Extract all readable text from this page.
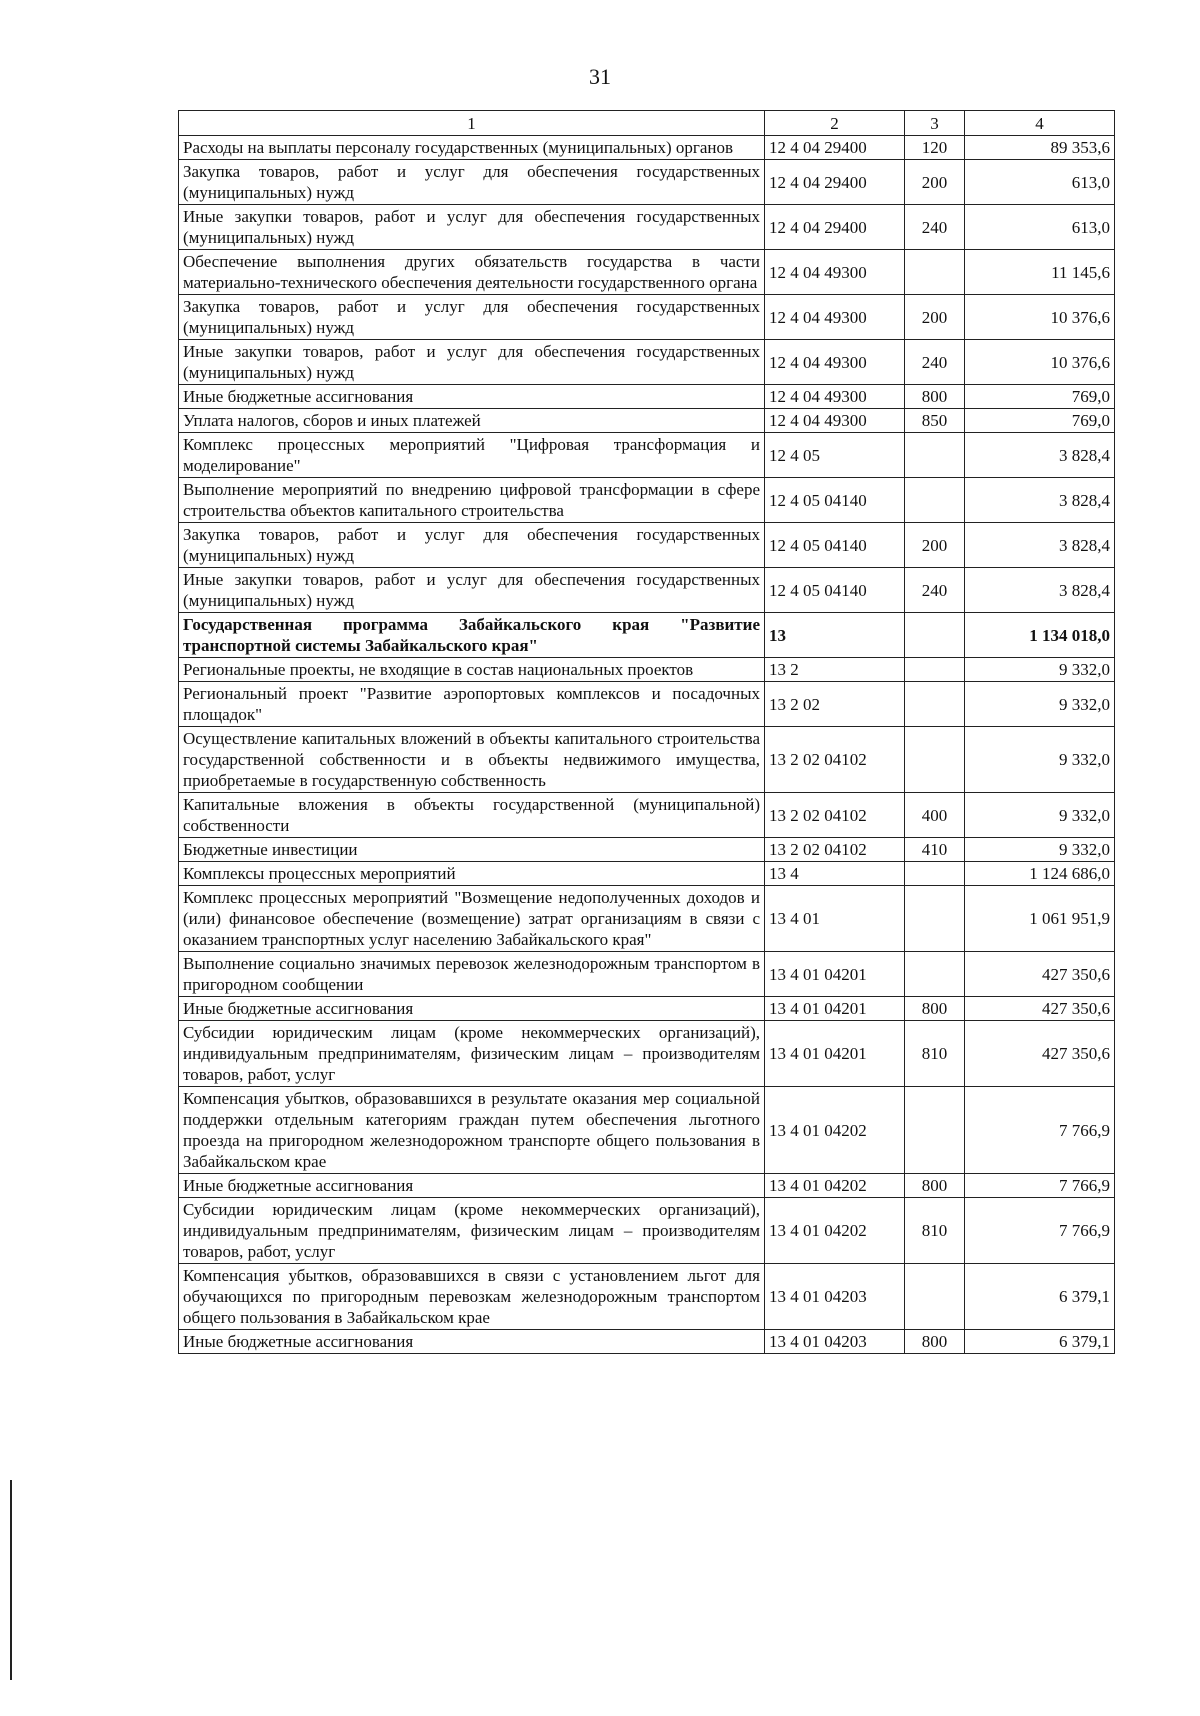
31
1	2	3	4
Расходы на выплаты персоналу государственных (муниципальных) органов	12 4 04 29400	120	89 353,6
Закупка товаров, работ и услуг для обеспечения государственных (муниципальных) нужд	12 4 04 29400	200	613,0
Иные закупки товаров, работ и услуг для обеспечения государственных (муниципальных) нужд	12 4 04 29400	240	613,0
Обеспечение выполнения других обязательств государства в части материально-технического обеспечения деятельности государственного органа	12 4 04 49300		11 145,6
Закупка товаров, работ и услуг для обеспечения государственных (муниципальных) нужд	12 4 04 49300	200	10 376,6
Иные закупки товаров, работ и услуг для обеспечения государственных (муниципальных) нужд	12 4 04 49300	240	10 376,6
Иные бюджетные ассигнования	12 4 04 49300	800	769,0
Уплата налогов, сборов и иных платежей	12 4 04 49300	850	769,0
Комплекс процессных мероприятий "Цифровая трансформация и моделирование"	12 4 05		3 828,4
Выполнение мероприятий по внедрению цифровой трансформации в сфере строительства объектов капитального строительства	12 4 05 04140		3 828,4
Закупка товаров, работ и услуг для обеспечения государственных (муниципальных) нужд	12 4 05 04140	200	3 828,4
Иные закупки товаров, работ и услуг для обеспечения государственных (муниципальных) нужд	12 4 05 04140	240	3 828,4
Государственная программа Забайкальского края "Развитие транспортной системы Забайкальского края"	13		1 134 018,0
Региональные проекты, не входящие в состав национальных проектов	13 2		9 332,0
Региональный проект "Развитие аэропортовых комплексов и посадочных площадок"	13 2 02		9 332,0
Осуществление капитальных вложений в объекты капитального строительства государственной собственности и в объекты недвижимого имущества, приобретаемые в государственную собственность	13 2 02 04102		9 332,0
Капитальные вложения в объекты государственной (муниципальной) собственности	13 2 02 04102	400	9 332,0
Бюджетные инвестиции	13 2 02 04102	410	9 332,0
Комплексы процессных мероприятий	13 4		1 124 686,0
Комплекс процессных мероприятий "Возмещение недополученных доходов и (или) финансовое обеспечение (возмещение) затрат организациям в связи с оказанием транспортных услуг населению Забайкальского края"	13 4 01		1 061 951,9
Выполнение социально значимых перевозок железнодорожным транспортом в пригородном сообщении	13 4 01 04201		427 350,6
Иные бюджетные ассигнования	13 4 01 04201	800	427 350,6
Субсидии юридическим лицам (кроме некоммерческих организаций), индивидуальным предпринимателям, физическим лицам – производителям товаров, работ, услуг	13 4 01 04201	810	427 350,6
Компенсация убытков, образовавшихся в результате оказания мер социальной поддержки отдельным категориям граждан путем обеспечения льготного проезда на пригородном железнодорожном транспорте общего пользования в Забайкальском крае	13 4 01 04202		7 766,9
Иные бюджетные ассигнования	13 4 01 04202	800	7 766,9
Субсидии юридическим лицам (кроме некоммерческих организаций), индивидуальным предпринимателям, физическим лицам – производителям товаров, работ, услуг	13 4 01 04202	810	7 766,9
Компенсация убытков, образовавшихся в связи с установлением льгот для обучающихся по пригородным перевозкам железнодорожным транспортом общего пользования в Забайкальском крае	13 4 01 04203		6 379,1
Иные бюджетные ассигнования	13 4 01 04203	800	6 379,1
